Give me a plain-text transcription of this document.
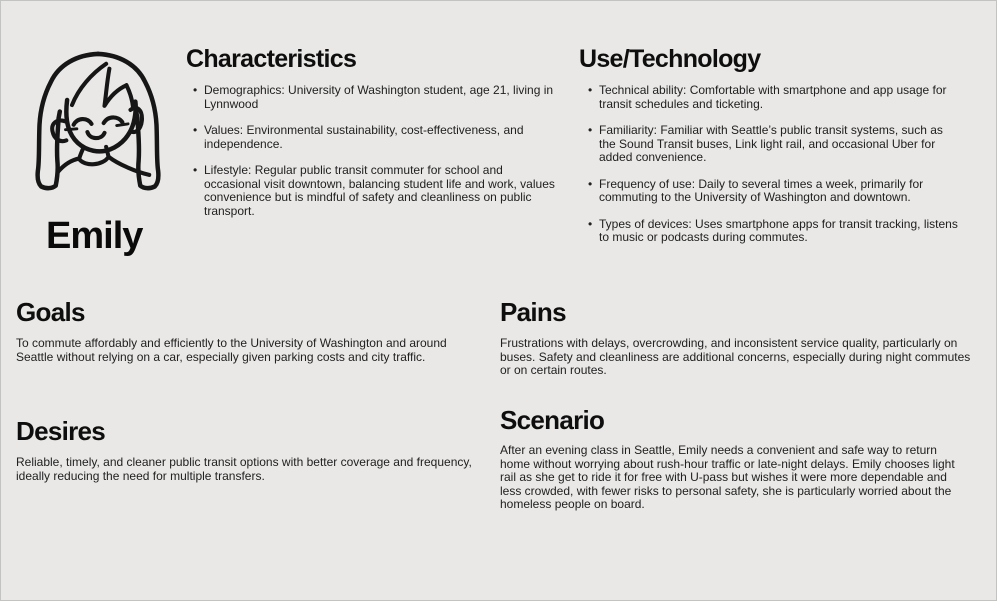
Emily
Characteristics
• Demographics: University of Washington student, age 21, living in Lynnwood
• Values: Environmental sustainability, cost-effectiveness, and independence.
• Lifestyle: Regular public transit commuter for school and occasional visit downtown, balancing student life and work, values convenience but is mindful of safety and cleanliness on public transport.
Use/Technology
• Technical ability: Comfortable with smartphone and app usage for transit schedules and ticketing.
• Familiarity: Familiar with Seattle’s public transit systems, such as the Sound Transit buses, Link light rail, and occasional Uber for added convenience.
• Frequency of use: Daily to several times a week, primarily for commuting to the University of Washington and downtown.
• Types of devices: Uses smartphone apps for transit tracking, listens to music or podcasts during commutes.
Goals
To commute affordably and efficiently to the University of Washington and around Seattle without relying on a car, especially given parking costs and city traffic.
Pains
Frustrations with delays, overcrowding, and inconsistent service quality, particularly on buses. Safety and cleanliness are additional concerns, especially during night commutes or on certain routes.
Desires
Reliable, timely, and cleaner public transit options with better coverage and frequency, ideally reducing the need for multiple transfers.
Scenario
After an evening class in Seattle, Emily needs a convenient and safe way to return home without worrying about rush-hour traffic or late-night delays. Emily chooses light rail as she get to ride it for free with U-pass but wishes it were more dependable and less crowded, with fewer risks to personal safety, she is particularly worried about the homeless people on board.
